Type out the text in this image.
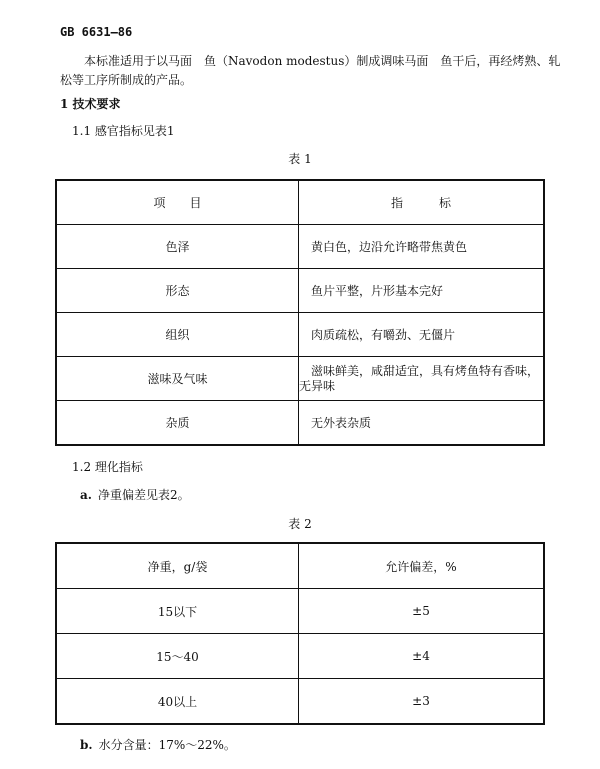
GB 6631—86
本标准适用于以马面　鱼（Navodon modestus）制成调味马面　鱼干后，再经烤熟、轧
松等工序所制成的产品。
1 技术要求
1.1 感官指标见表1
表 1
项　　目	指　　　标
色泽	黄白色，边沿允许略带焦黄色
形态	鱼片平整，片形基本完好
组织	肉质疏松，有嚼劲、无僵片
滋味及气味	滋味鲜美，咸甜适宜，具有烤鱼特有香味，
无异味
杂质	无外表杂质
1.2 理化指标
a. 净重偏差见表2。
表 2
净重，g/袋	允许偏差，%
15以下	±5
15～40	±4
40以上	±3
b. 水分含量：17%～22%。
